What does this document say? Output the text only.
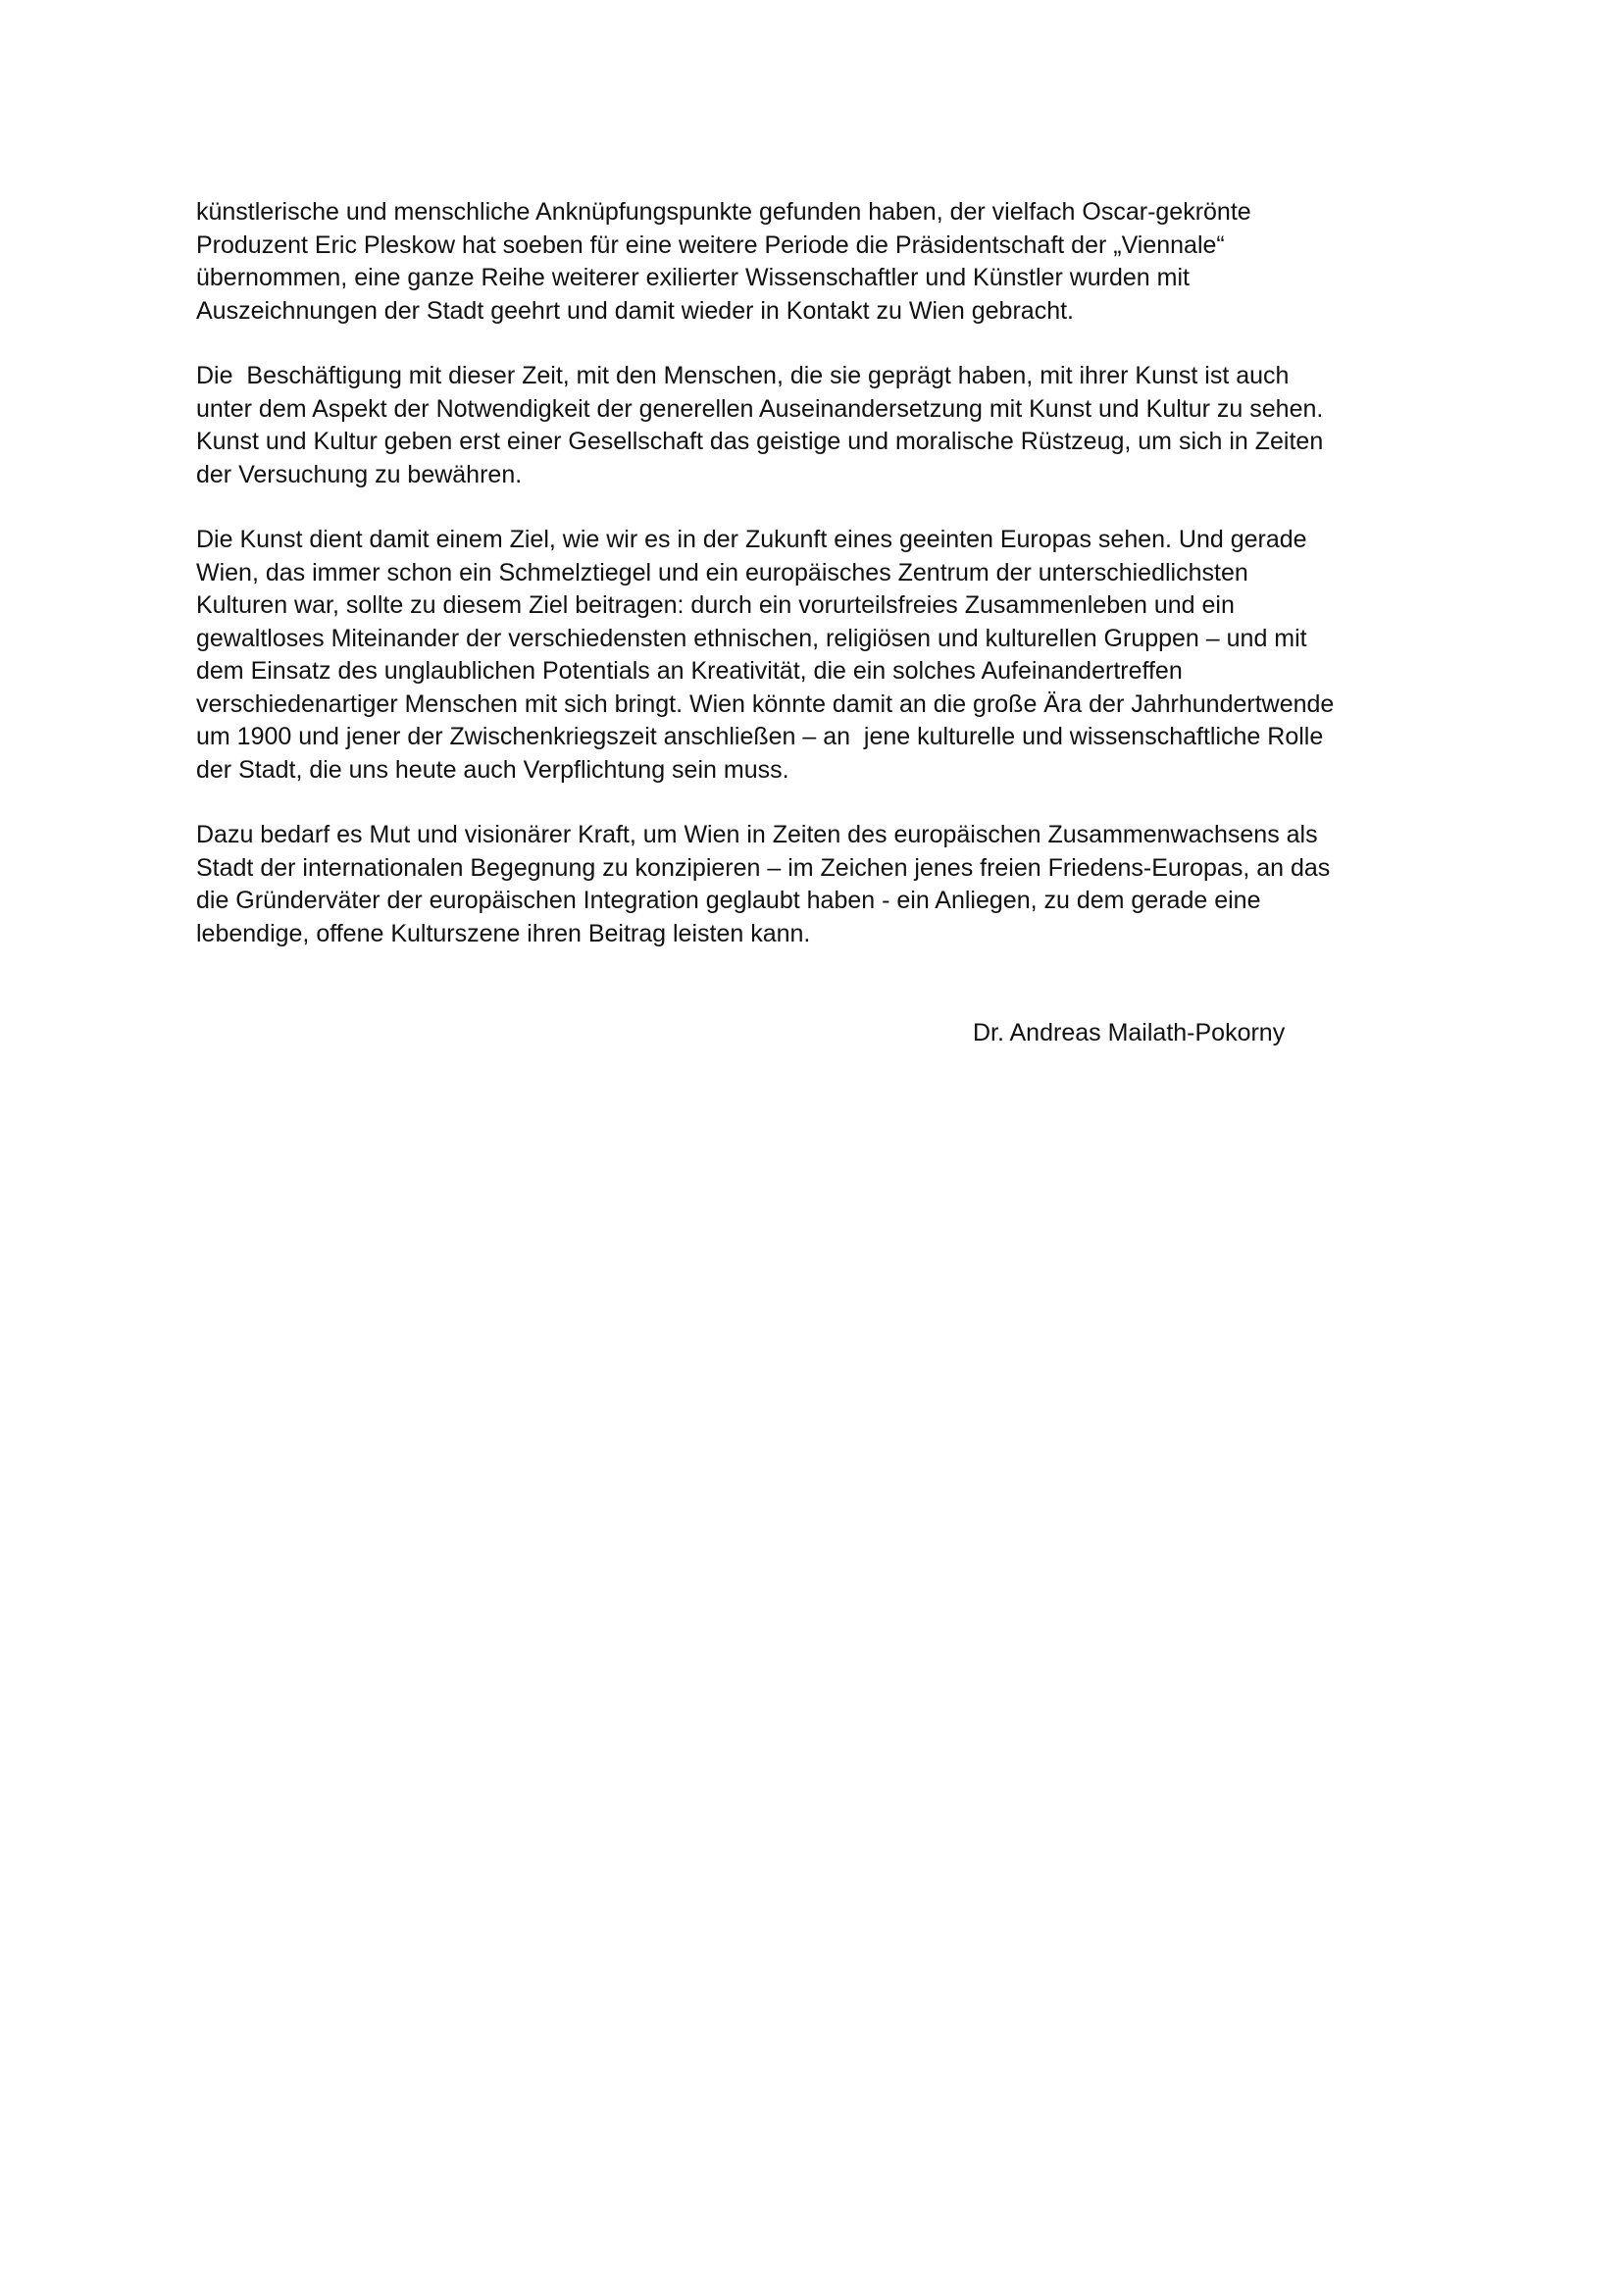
künstlerische und menschliche Anknüpfungspunkte gefunden haben, der vielfach Oscar-gekrönte
Produzent Eric Pleskow hat soeben für eine weitere Periode die Präsidentschaft der „Viennale“
übernommen, eine ganze Reihe weiterer exilierter Wissenschaftler und Künstler wurden mit
Auszeichnungen der Stadt geehrt und damit wieder in Kontakt zu Wien gebracht.

Die  Beschäftigung mit dieser Zeit, mit den Menschen, die sie geprägt haben, mit ihrer Kunst ist auch
unter dem Aspekt der Notwendigkeit der generellen Auseinandersetzung mit Kunst und Kultur zu sehen.
Kunst und Kultur geben erst einer Gesellschaft das geistige und moralische Rüstzeug, um sich in Zeiten
der Versuchung zu bewähren.

Die Kunst dient damit einem Ziel, wie wir es in der Zukunft eines geeinten Europas sehen. Und gerade
Wien, das immer schon ein Schmelztiegel und ein europäisches Zentrum der unterschiedlichsten
Kulturen war, sollte zu diesem Ziel beitragen: durch ein vorurteilsfreies Zusammenleben und ein
gewaltloses Miteinander der verschiedensten ethnischen, religiösen und kulturellen Gruppen – und mit
dem Einsatz des unglaublichen Potentials an Kreativität, die ein solches Aufeinandertreffen
verschiedenartiger Menschen mit sich bringt. Wien könnte damit an die große Ära der Jahrhundertwende
um 1900 und jener der Zwischenkriegszeit anschließen – an  jene kulturelle und wissenschaftliche Rolle
der Stadt, die uns heute auch Verpflichtung sein muss.

Dazu bedarf es Mut und visionärer Kraft, um Wien in Zeiten des europäischen Zusammenwachsens als
Stadt der internationalen Begegnung zu konzipieren – im Zeichen jenes freien Friedens-Europas, an das
die Gründerväter der europäischen Integration geglaubt haben - ein Anliegen, zu dem gerade eine
lebendige, offene Kulturszene ihren Beitrag leisten kann.

Dr. Andreas Mailath-Pokorny
